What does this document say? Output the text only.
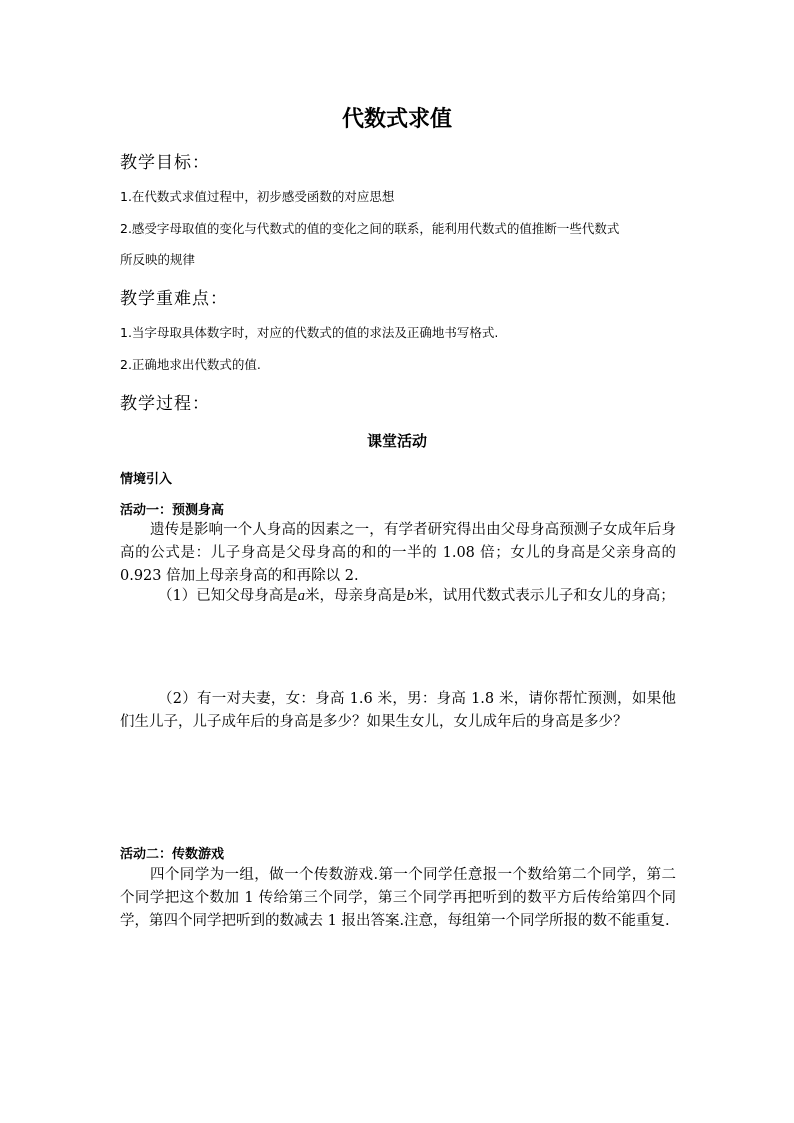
代数式求值
教学目标：
1.在代数式求值过程中，初步感受函数的对应思想
2.感受字母取值的变化与代数式的值的变化之间的联系，能利用代数式的值推断一些代数式
所反映的规律
教学重难点：
1.当字母取具体数字时，对应的代数式的值的求法及正确地书写格式.
2.正确地求出代数式的值.
教学过程：
课堂活动
情境引入
活动一：预测身高
遗传是影响一个人身高的因素之一，有学者研究得出由父母身高预测子女成年后身高的公式是：儿子身高是父母身高的和的一半的 1.08 倍；女儿的身高是父亲身高的 0.923 倍加上母亲身高的和再除以 2.
（1）已知父母身高是a米，母亲身高是b米，试用代数式表示儿子和女儿的身高；
（2）有一对夫妻，女：身高 1.6 米，男：身高 1.8 米，请你帮忙预测，如果他们生儿子，儿子成年后的身高是多少？如果生女儿，女儿成年后的身高是多少？
活动二：传数游戏
四个同学为一组，做一个传数游戏.第一个同学任意报一个数给第二个同学，第二个同学把这个数加 1 传给第三个同学，第三个同学再把听到的数平方后传给第四个同学，第四个同学把听到的数减去 1 报出答案.注意，每组第一个同学所报的数不能重复.
